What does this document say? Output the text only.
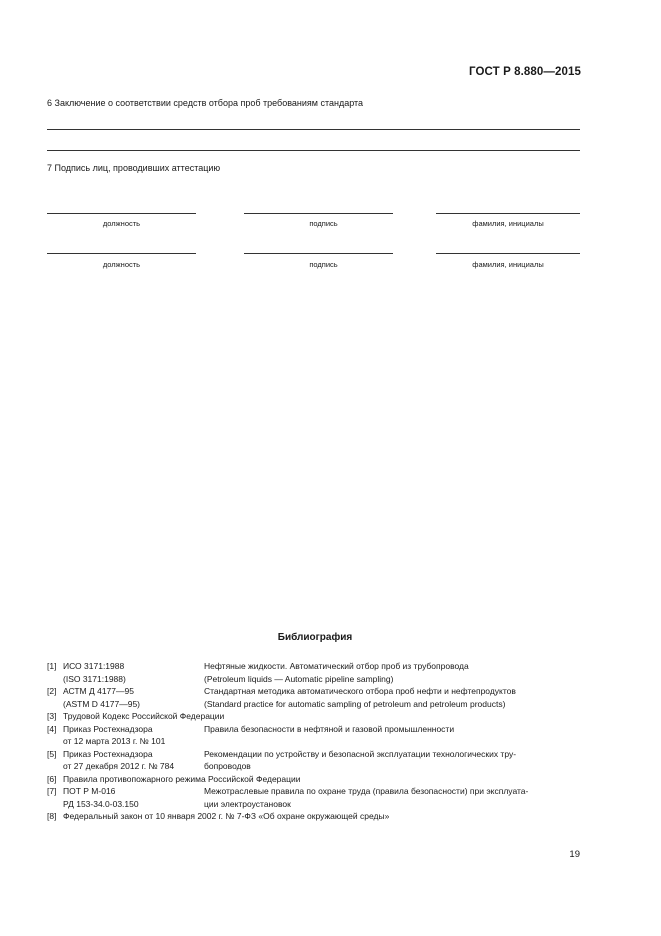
ГОСТ Р 8.880—2015
6 Заключение о соответствии средств отбора проб требованиям стандарта
7 Подпись лиц, проводивших аттестацию
должность	подпись	фамилия, инициалы
должность	подпись	фамилия, инициалы
Библиография
[1] ИСО 3171:1988	Нефтяные жидкости. Автоматический отбор проб из трубопровода
(ISO 3171:1988)	(Petroleum liquids — Automatic pipeline sampling)
[2] АСТМ Д 4177—95	Стандартная методика автоматического отбора проб нефти и нефтепродуктов
(ASTM D 4177—95)	(Standard practice for automatic sampling of petroleum and petroleum products)
[3] Трудовой Кодекс Российской Федерации
[4] Приказ Ростехнадзора	Правила безопасности в нефтяной и газовой промышленности
от 12 марта 2013 г. № 101
[5] Приказ Ростехнадзора	Рекомендации по устройству и безопасной эксплуатации технологических тру-
от 27 декабря 2012 г. № 784	бопроводов
[6] Правила противопожарного режима Российской Федерации
[7] ПОТ Р М-016	Межотраслевые правила по охране труда (правила безопасности) при эксплуата-
РД 153-34.0-03.150	ции электроустановок
[8] Федеральный закон от 10 января 2002 г. № 7-ФЗ «Об охране окружающей среды»
19
